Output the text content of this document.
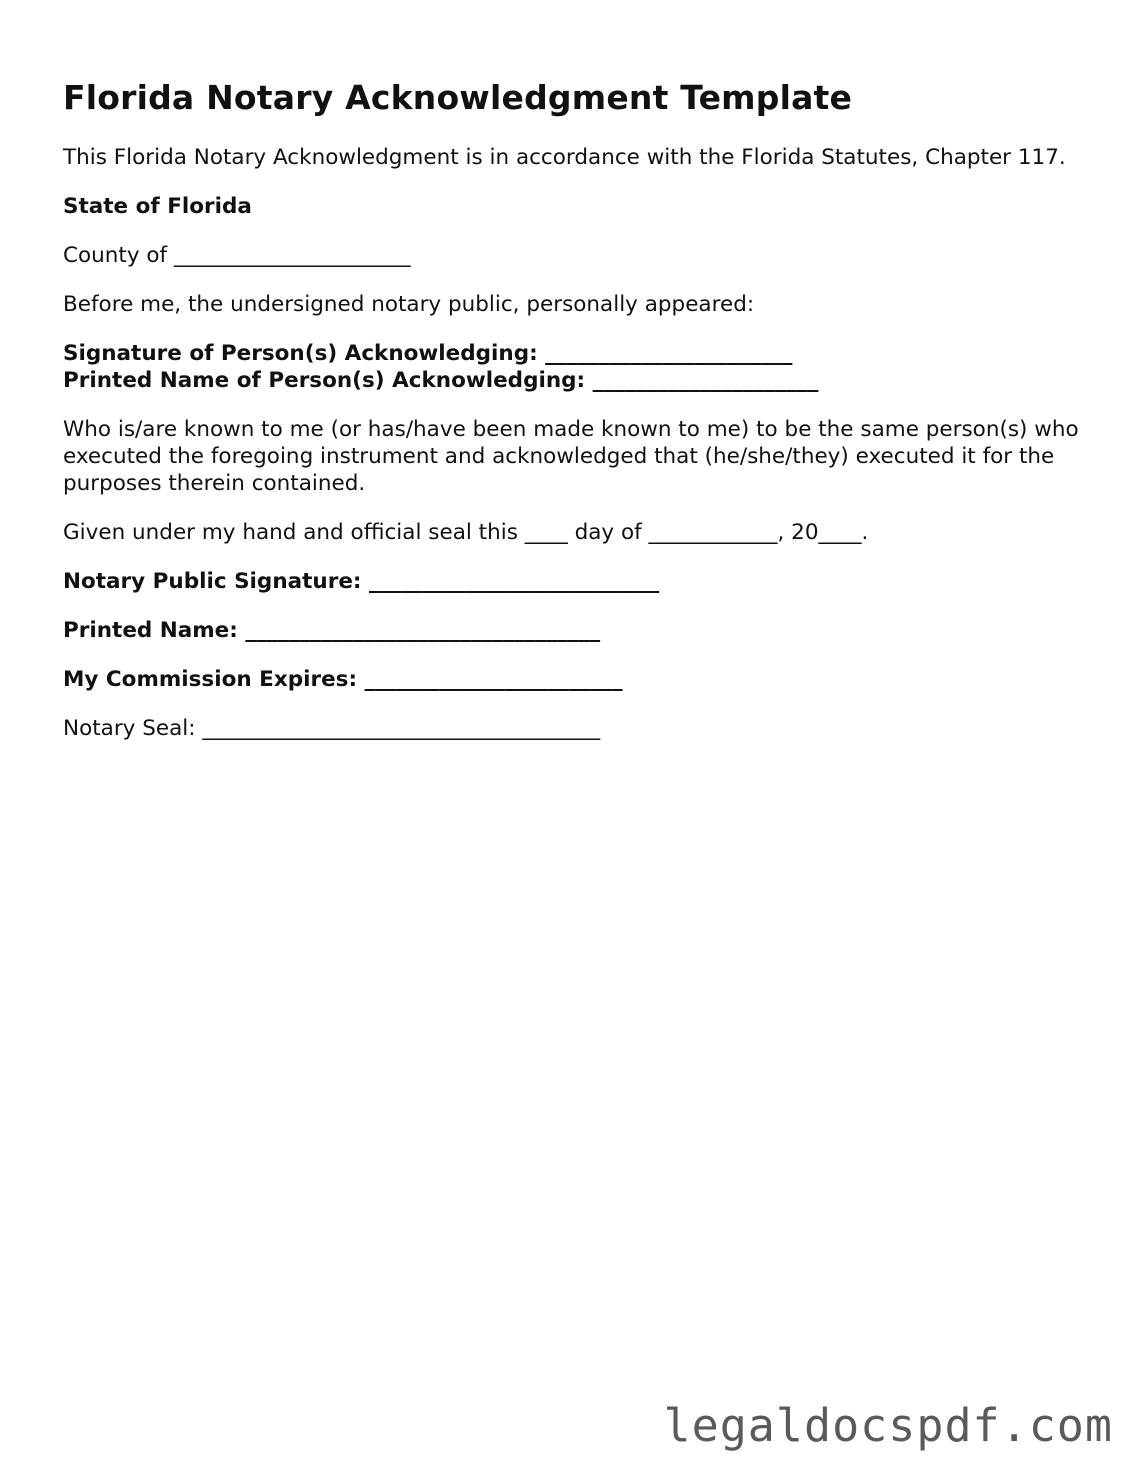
Florida Notary Acknowledgment Template

This Florida Notary Acknowledgment is in accordance with the Florida Statutes, Chapter 117.

State of Florida

County of ______________________

Before me, the undersigned notary public, personally appeared:

Signature of Person(s) Acknowledging: _______________________
Printed Name of Person(s) Acknowledging: _____________________

Who is/are known to me (or has/have been made known to me) to be the same person(s) who executed the foregoing instrument and acknowledged that (he/she/they) executed it for the purposes therein contained.

Given under my hand and official seal this ____ day of ____________, 20____.

Notary Public Signature: ___________________________

Printed Name: _________________________________

My Commission Expires: ________________________

Notary Seal: _____________________________________

legaldocspdf.com
